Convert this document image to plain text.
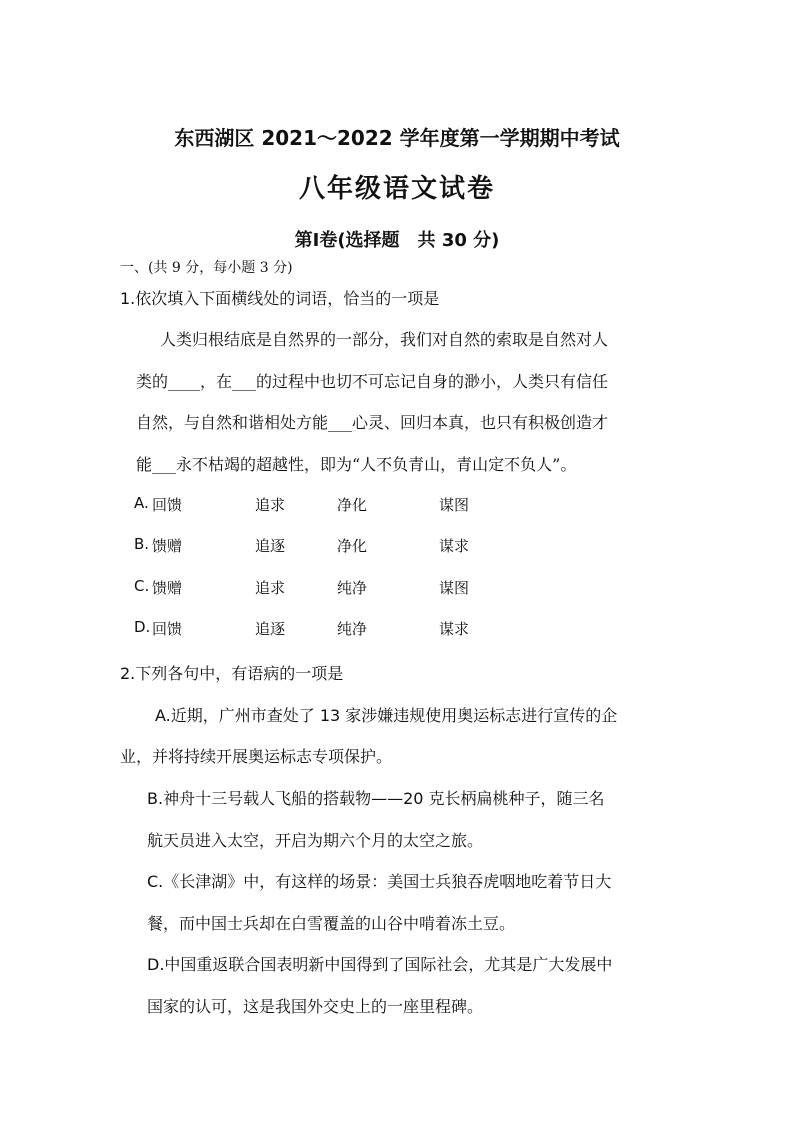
东西湖区 2021～2022 学年度第一学期期中考试
八年级语文试卷
第Ⅰ卷(选择题　共 30 分)
一、(共 9 分，每小题 3 分)
1.依次填入下面横线处的词语，恰当的一项是
人类归根结底是自然界的一部分，我们对自然的索取是自然对人
类的____，在___的过程中也切不可忘记自身的渺小，人类只有信任
自然，与自然和谐相处方能___心灵、回归本真，也只有积极创造才
能___永不枯竭的超越性，即为“人不负青山，青山定不负人”。
A. 回馈	追求	净化	谋图
B. 馈赠	追逐	净化	谋求
C. 馈赠	追求	纯净	谋图
D. 回馈	追逐	纯净	谋求
2.下列各句中，有语病的一项是
A.近期，广州市查处了 13 家涉嫌违规使用奥运标志进行宣传的企
业，并将持续开展奥运标志专项保护。
B.神舟十三号载人飞船的搭载物——20 克长柄扁桃种子，随三名
航天员进入太空，开启为期六个月的太空之旅。
C.《长津湖》中，有这样的场景：美国士兵狼吞虎咽地吃着节日大
餐，而中国士兵却在白雪覆盖的山谷中啃着冻土豆。
D.中国重返联合国表明新中国得到了国际社会，尤其是广大发展中
国家的认可，这是我国外交史上的一座里程碑。
